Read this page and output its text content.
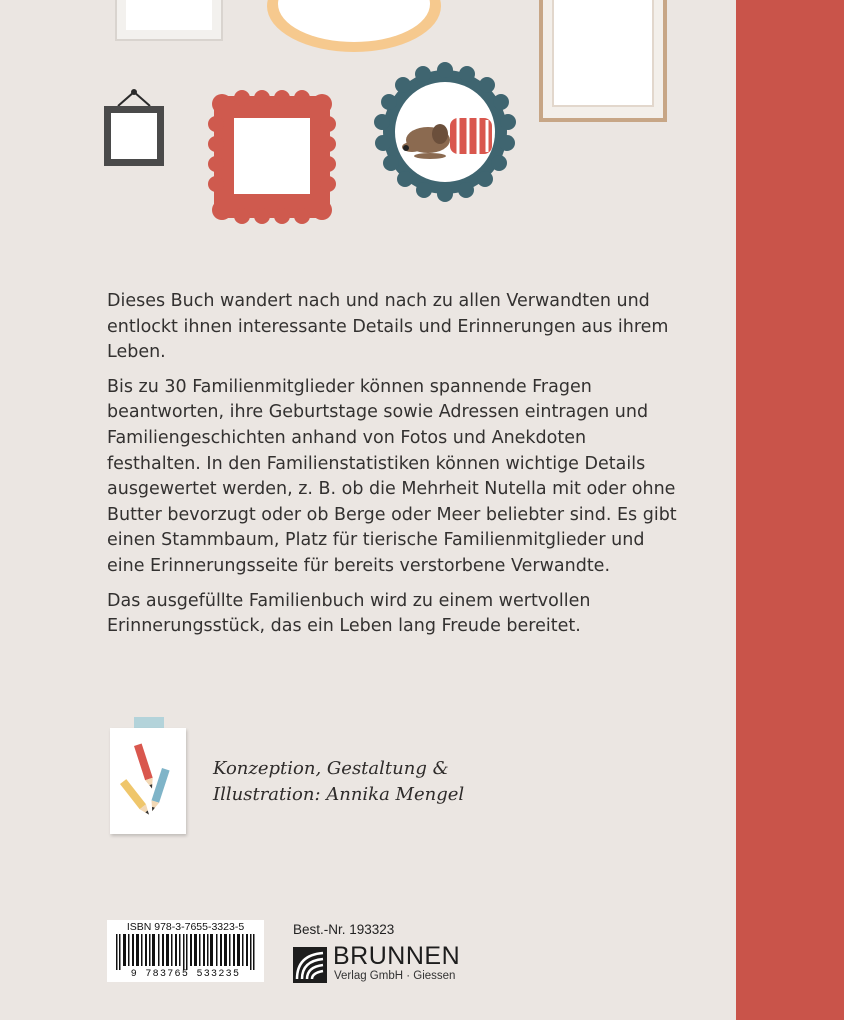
Dieses Buch wandert nach und nach zu allen Verwandten und entlockt ihnen interessante Details und Erinnerungen aus ihrem Leben.

Bis zu 30 Familienmitglieder können spannende Fragen beantworten, ihre Geburtstage sowie Adressen eintragen und Familiengeschichten anhand von Fotos und Anekdoten festhalten. In den Familienstatistiken können wichtige Details ausgewertet werden, z. B. ob die Mehrheit Nutella mit oder ohne Butter bevorzugt oder ob Berge oder Meer beliebter sind. Es gibt einen Stammbaum, Platz für tierische Familienmitglieder und eine Erinnerungsseite für bereits verstorbene Verwandte.

Das ausgefüllte Familienbuch wird zu einem wertvollen Erinnerungsstück, das ein Leben lang Freude bereitet.

Konzeption, Gestaltung &
Illustration: Annika Mengel
ISBN 978-3-7655-3323-5
9 783765 533235
Best.-Nr. 193323
BRUNNEN
Verlag GmbH · Giessen
